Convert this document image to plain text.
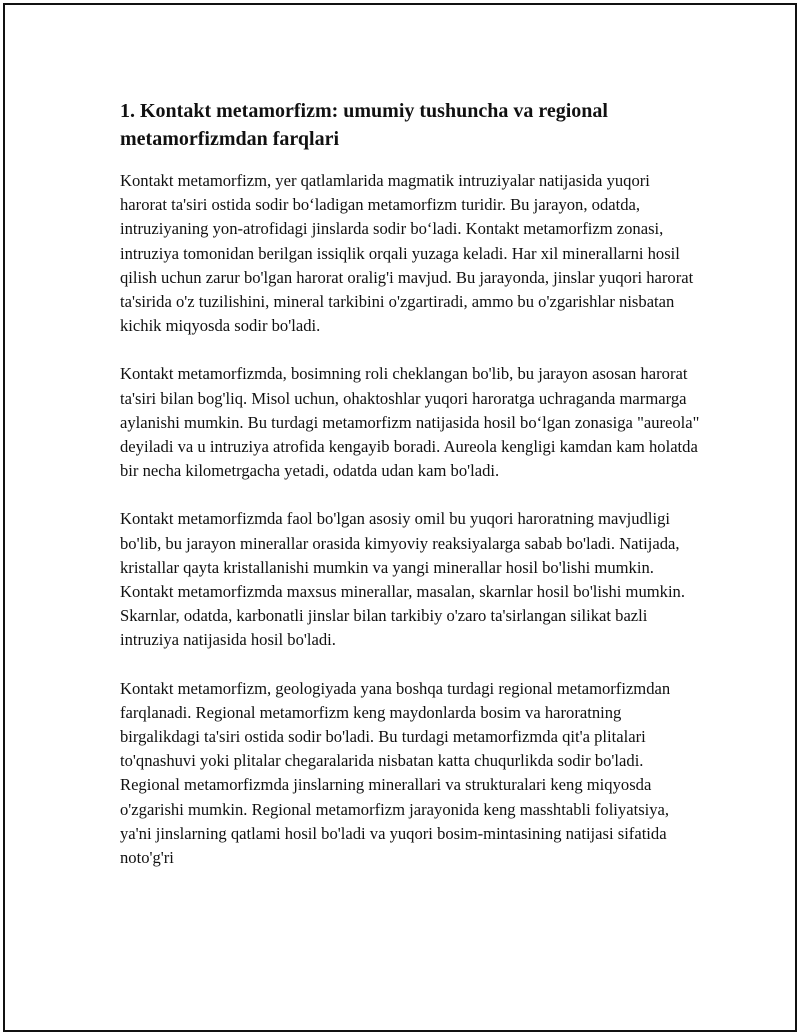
1. Kontakt metamorfizm: umumiy tushuncha va regional metamorfizmdan farqlari

Kontakt metamorfizm, yer qatlamlarida magmatik intruziyalar natijasida yuqori harorat ta'siri ostida sodir bo‘ladigan metamorfizm turidir. Bu jarayon, odatda, intruziyaning yon-atrofidagi jinslarda sodir bo‘ladi. Kontakt metamorfizm zonasi, intruziya tomonidan berilgan issiqlik orqali yuzaga keladi. Har xil minerallarni hosil qilish uchun zarur bo'lgan harorat oralig'i mavjud. Bu jarayonda, jinslar yuqori harorat ta'sirida o'z tuzilishini, mineral tarkibini o'zgartiradi, ammo bu o'zgarishlar nisbatan kichik miqyosda sodir bo'ladi.

Kontakt metamorfizmda, bosimning roli cheklangan bo'lib, bu jarayon asosan harorat ta'siri bilan bog'liq. Misol uchun, ohaktoshlar yuqori haroratga uchraganda marmarga aylanishi mumkin. Bu turdagi metamorfizm natijasida hosil bo‘lgan zonasiga "aureola" deyiladi va u intruziya atrofida kengayib boradi. Aureola kengligi kamdan kam holatda bir necha kilometrgacha yetadi, odatda udan kam bo'ladi.

Kontakt metamorfizmda faol bo'lgan asosiy omil bu yuqori haroratning mavjudligi bo'lib, bu jarayon minerallar orasida kimyoviy reaksiyalarga sabab bo'ladi. Natijada, kristallar qayta kristallanishi mumkin va yangi minerallar hosil bo'lishi mumkin. Kontakt metamorfizmda maxsus minerallar, masalan, skarnlar hosil bo'lishi mumkin. Skarnlar, odatda, karbonatli jinslar bilan tarkibiy o'zaro ta'sirlangan silikat bazli intruziya natijasida hosil bo'ladi.

Kontakt metamorfizm, geologiyada yana boshqa turdagi regional metamorfizmdan farqlanadi. Regional metamorfizm keng maydonlarda bosim va haroratning birgalikdagi ta'siri ostida sodir bo'ladi. Bu turdagi metamorfizmda qit'a plitalari to'qnashuvi yoki plitalar chegaralarida nisbatan katta chuqurlikda sodir bo'ladi. Regional metamorfizmda jinslarning minerallari va strukturalari keng miqyosda o'zgarishi mumkin. Regional metamorfizm jarayonida keng masshtabli foliyatsiya, ya'ni jinslarning qatlami hosil bo'ladi va yuqori bosim-mintasining natijasi sifatida noto'g'ri
